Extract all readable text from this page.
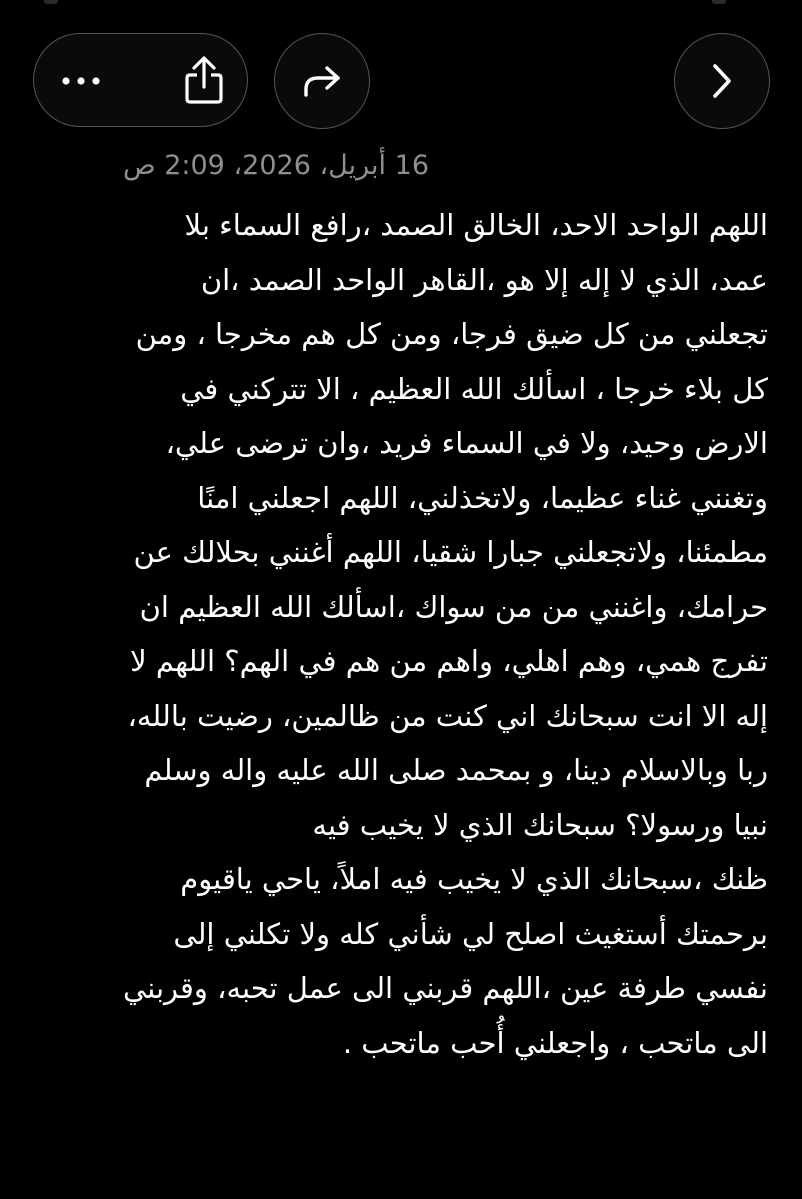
16 أبريل، 2026، 2:09 ص
اللهم الواحد الاحد، الخالق الصمد ،رافع السماء بلا
عمد، الذي لا إله إلا هو ،القاهر الواحد الصمد ،ان
تجعلني من كل ضيق فرجا، ومن كل هم مخرجا ، ومن
كل بلاء خرجا ، اسألك الله العظيم ، الا تتركني في
الارض وحيد، ولا في السماء فريد ،وان ترضى علي،
وتغنني غناء عظيما، ولاتخذلني، اللهم اجعلني امنًا
مطمئنا، ولاتجعلني جبارا شقيا، اللهم أغنني بحلالك عن
حرامك، واغنني من من سواك ،اسألك الله العظيم ان
تفرج همي، وهم اهلي، واهم من هم في الهم؟ اللهم لا
إله الا انت سبحانك اني كنت من ظالمين، رضيت بالله،
ربا وبالاسلام دينا، و بمحمد صلى الله عليه واله وسلم
نبيا ورسولا؟ سبحانك الذي لا يخيب فيه
ظنك ،سبحانك الذي لا يخيب فيه املاً، ياحي ياقيوم
برحمتك أستغيث اصلح لي شأني كله ولا تكلني إلى
نفسي طرفة عين ،اللهم قربني الى عمل تحبه، وقربني
الى ماتحب ، واجعلني أُحب ماتحب .
